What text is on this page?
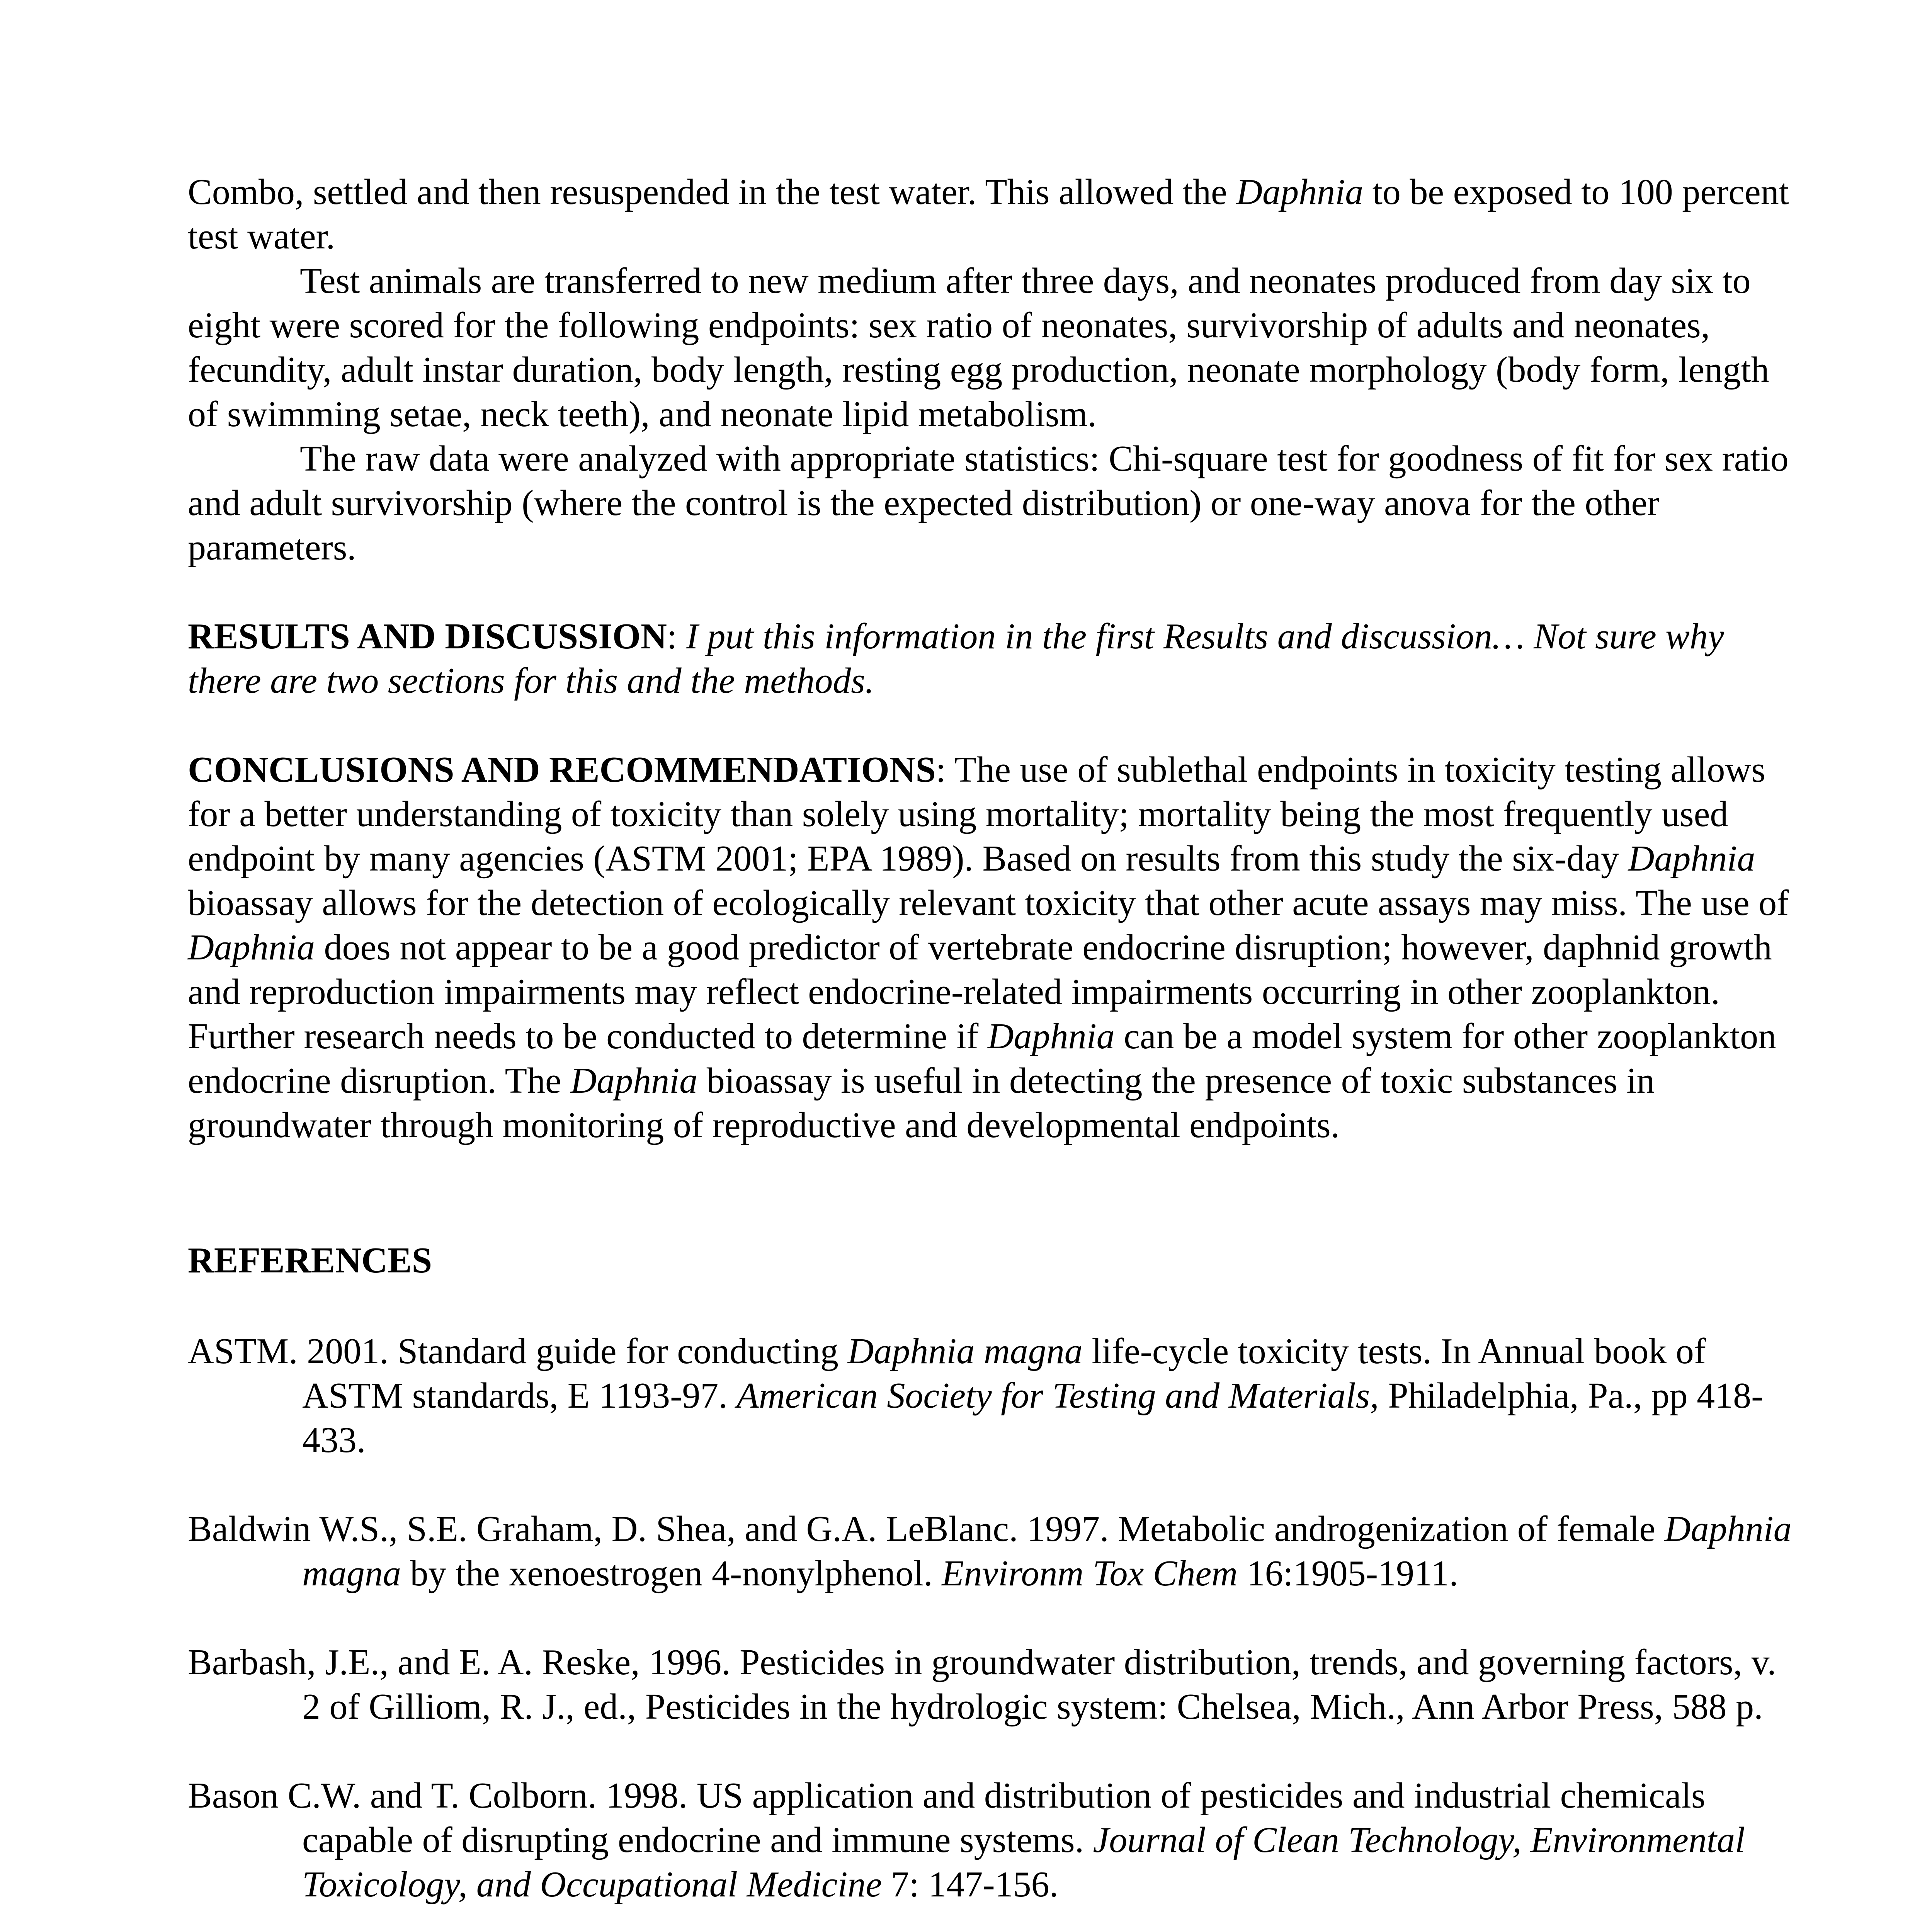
Combo, settled and then resuspended in the test water. This allowed the Daphnia to be exposed to 100 percent test water.

Test animals are transferred to new medium after three days, and neonates produced from day six to eight were scored for the following endpoints: sex ratio of neonates, survivorship of adults and neonates, fecundity, adult instar duration, body length, resting egg production, neonate morphology (body form, length of swimming setae, neck teeth), and neonate lipid metabolism.

The raw data were analyzed with appropriate statistics: Chi-square test for goodness of fit for sex ratio and adult survivorship (where the control is the expected distribution) or one-way anova for the other parameters.

RESULTS AND DISCUSSION: I put this information in the first Results and discussion… Not sure why there are two sections for this and the methods.

CONCLUSIONS AND RECOMMENDATIONS: The use of sublethal endpoints in toxicity testing allows for a better understanding of toxicity than solely using mortality; mortality being the most frequently used endpoint by many agencies (ASTM 2001; EPA 1989). Based on results from this study the six-day Daphnia bioassay allows for the detection of ecologically relevant toxicity that other acute assays may miss. The use of Daphnia does not appear to be a good predictor of vertebrate endocrine disruption; however, daphnid growth and reproduction impairments may reflect endocrine-related impairments occurring in other zooplankton. Further research needs to be conducted to determine if Daphnia can be a model system for other zooplankton endocrine disruption. The Daphnia bioassay is useful in detecting the presence of toxic substances in groundwater through monitoring of reproductive and developmental endpoints.

REFERENCES

ASTM. 2001. Standard guide for conducting Daphnia magna life-cycle toxicity tests. In Annual book of ASTM standards, E 1193-97. American Society for Testing and Materials, Philadelphia, Pa., pp 418-433.

Baldwin W.S., S.E. Graham, D. Shea, and G.A. LeBlanc. 1997. Metabolic androgenization of female Daphnia magna by the xenoestrogen 4-nonylphenol. Environm Tox Chem 16:1905-1911.

Barbash, J.E., and E. A. Reske, 1996. Pesticides in groundwater distribution, trends, and governing factors, v. 2 of Gilliom, R. J., ed., Pesticides in the hydrologic system: Chelsea, Mich., Ann Arbor Press, 588 p.

Bason C.W. and T. Colborn. 1998. US application and distribution of pesticides and industrial chemicals capable of disrupting endocrine and immune systems. Journal of Clean Technology, Environmental Toxicology, and Occupational Medicine 7: 147-156.
